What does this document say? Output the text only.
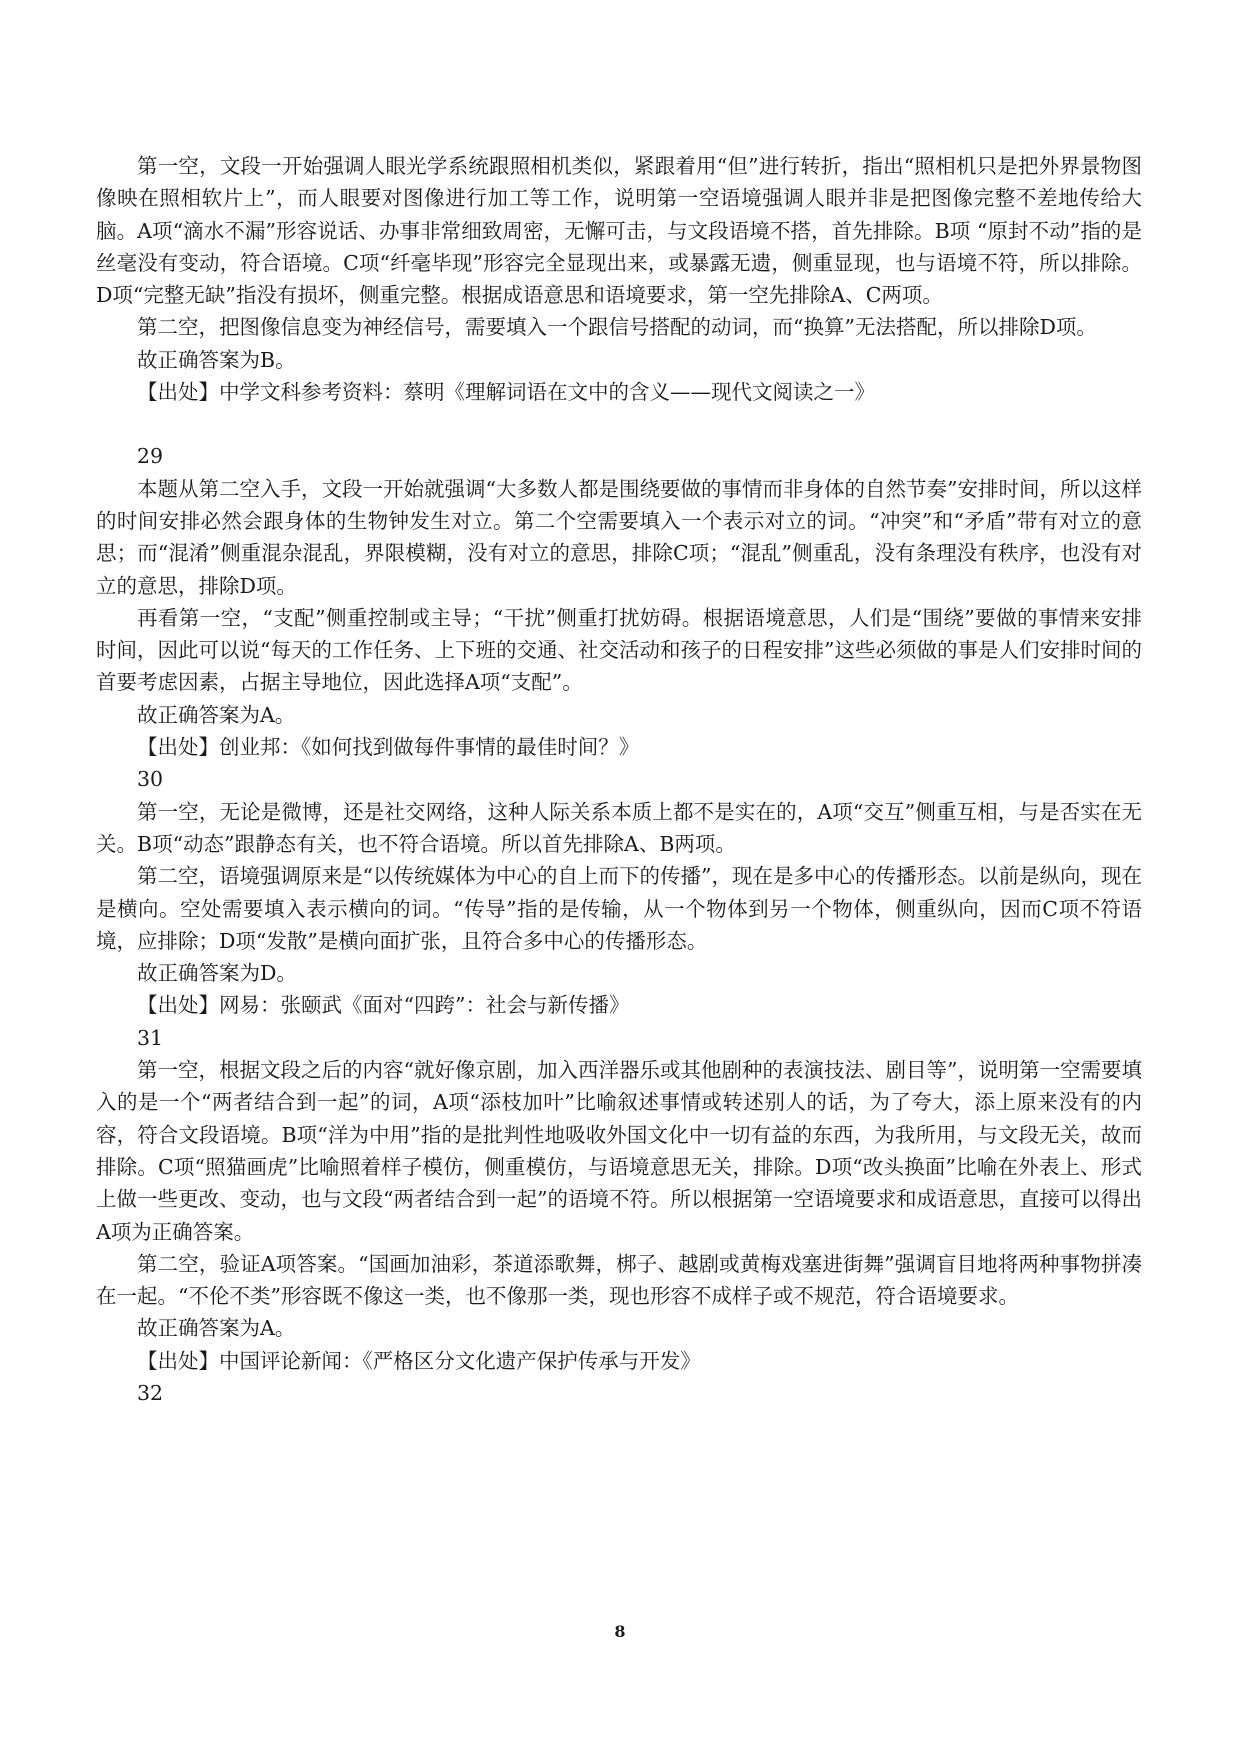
第一空，文段一开始强调人眼光学系统跟照相机类似，紧跟着用“但”进行转折，指出“照相机只是把外界景物图像映在照相软片上”，而人眼要对图像进行加工等工作，说明第一空语境强调人眼并非是把图像完整不差地传给大脑。A项“滴水不漏”形容说话、办事非常细致周密，无懈可击，与文段语境不搭，首先排除。B项 “原封不动”指的是丝毫没有变动，符合语境。C项“纤毫毕现”形容完全显现出来，或暴露无遗，侧重显现，也与语境不符，所以排除。D项“完整无缺”指没有损坏，侧重完整。根据成语意思和语境要求，第一空先排除A、C两项。

第二空，把图像信息变为神经信号，需要填入一个跟信号搭配的动词，而“换算”无法搭配，所以排除D项。

故正确答案为B。

【出处】中学文科参考资料：蔡明《理解词语在文中的含义——现代文阅读之一》

29

本题从第二空入手，文段一开始就强调“大多数人都是围绕要做的事情而非身体的自然节奏”安排时间，所以这样的时间安排必然会跟身体的生物钟发生对立。第二个空需要填入一个表示对立的词。“冲突”和“矛盾”带有对立的意思；而“混淆”侧重混杂混乱，界限模糊，没有对立的意思，排除C项；“混乱”侧重乱，没有条理没有秩序，也没有对立的意思，排除D项。

再看第一空，“支配”侧重控制或主导；“干扰”侧重打扰妨碍。根据语境意思，人们是“围绕”要做的事情来安排时间，因此可以说“每天的工作任务、上下班的交通、社交活动和孩子的日程安排”这些必须做的事是人们安排时间的首要考虑因素，占据主导地位，因此选择A项“支配”。

故正确答案为A。

【出处】创业邦：《如何找到做每件事情的最佳时间？》

30

第一空，无论是微博，还是社交网络，这种人际关系本质上都不是实在的，A项“交互”侧重互相，与是否实在无关。B项“动态”跟静态有关，也不符合语境。所以首先排除A、B两项。

第二空，语境强调原来是“以传统媒体为中心的自上而下的传播”，现在是多中心的传播形态。以前是纵向，现在是横向。空处需要填入表示横向的词。“传导”指的是传输，从一个物体到另一个物体，侧重纵向，因而C项不符语境，应排除；D项“发散”是横向面扩张，且符合多中心的传播形态。

故正确答案为D。

【出处】网易：张颐武《面对“四跨”：社会与新传播》

31

第一空，根据文段之后的内容“就好像京剧，加入西洋器乐或其他剧种的表演技法、剧目等”，说明第一空需要填入的是一个“两者结合到一起”的词，A项“添枝加叶”比喻叙述事情或转述别人的话，为了夸大，添上原来没有的内容，符合文段语境。B项“洋为中用”指的是批判性地吸收外国文化中一切有益的东西，为我所用，与文段无关，故而排除。C项“照猫画虎”比喻照着样子模仿，侧重模仿，与语境意思无关，排除。D项“改头换面”比喻在外表上、形式上做一些更改、变动，也与文段“两者结合到一起”的语境不符。所以根据第一空语境要求和成语意思，直接可以得出A项为正确答案。

第二空，验证A项答案。“国画加油彩，茶道添歌舞，梆子、越剧或黄梅戏塞进街舞”强调盲目地将两种事物拼凑在一起。“不伦不类”形容既不像这一类，也不像那一类，现也形容不成样子或不规范，符合语境要求。

故正确答案为A。

【出处】中国评论新闻：《严格区分文化遗产保护传承与开发》

32

8
